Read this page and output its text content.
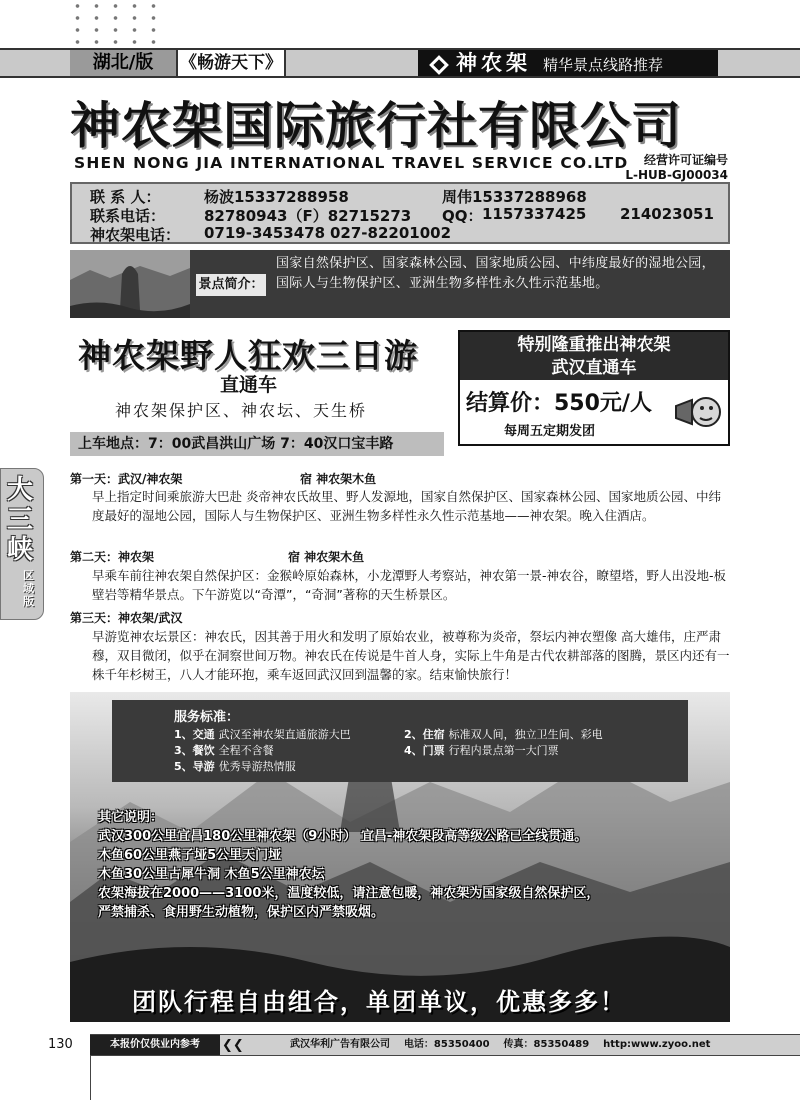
湖北/版	《畅游天下》	神农架 精华景点线路推荐
神农架国际旅行社有限公司
SHEN NONG JIA INTERNATIONAL TRAVEL SERVICE CO.LTD	经营许可证编号
L-HUB-GJ00034
联 系 人：	杨波15337288958	周伟15337288968
联系电话：	82780943（F）82715273 QQ： 1157337425 214023051
神农架电话： 0719-3453478 027-82201002
景点简介：
国家自然保护区、国家森林公园、国家地质公园、中纬度最好的湿地公园，国际人与生物保护区、亚洲生物多样性永久性示范基地。
神农架野人狂欢三日游
直通车
神农架保护区、神农坛、天生桥
上车地点：7：00武昌洪山广场 7：40汉口宝丰路
特别隆重推出神农架
武汉直通车
结算价：550元/人
每周五定期发团
大三峡
区域版
第一天：武汉/神农架	宿 神农架木鱼
早上指定时间乘旅游大巴赴 炎帝神农氏故里、野人发源地，国家自然保护区、国家森林公园、国家地质公园、中纬度最好的湿地公园，国际人与生物保护区、亚洲生物多样性永久性示范基地——神农架。晚入住酒店。
第二天：神农架	宿 神农架木鱼
早乘车前往神农架自然保护区：金猴岭原始森林，小龙潭野人考察站，神农第一景-神农谷，瞭望塔，野人出没地-板壁岩等精华景点。下午游览以“奇潭”，“奇洞”著称的天生桥景区。
第三天：神农架/武汉
早游览神农坛景区：神农氏，因其善于用火和发明了原始农业，被尊称为炎帝，祭坛内神农塑像 高大雄伟，庄严肃穆，双目微闭，似乎在洞察世间万物。神农氏在传说是牛首人身，实际上牛角是古代农耕部落的图腾，景区内还有一株千年杉树王，八人才能环抱，乘车返回武汉回到温馨的家。结束愉快旅行！
服务标准：
1、交通 武汉至神农架直通旅游大巴	2、住宿 标准双人间，独立卫生间、彩电
3、餐饮 全程不含餐	4、门票 行程内景点第一大门票
5、导游 优秀导游热情服
其它说明：
武汉300公里宜昌180公里神农架（9小时） 宜昌-神农架段高等级公路已全线贯通。
木鱼60公里燕子垭5公里天门垭
木鱼30公里古犀牛洞 木鱼5公里神农坛
农架海拔在2000——3100米，温度较低，请注意包暖，神农架为国家级自然保护区，
严禁捕杀、食用野生动植物，保护区内严禁吸烟。
团队行程自由组合，单团单议，优惠多多！
130	本报价仅供业内参考	❮❮	武汉华利广告有限公司 电话：85350400 传真：85350489 http:www.zyoo.net
